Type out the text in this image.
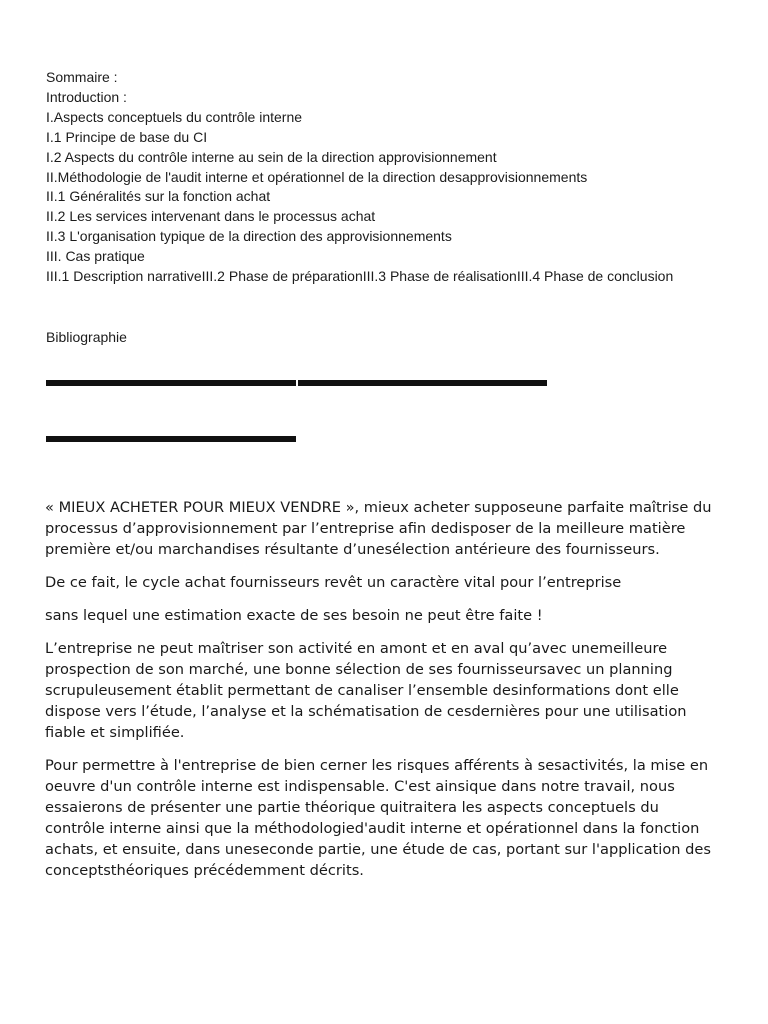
Sommaire :
Introduction :
I.Aspects conceptuels du contrôle interne
I.1 Principe de base du CI
I.2 Aspects du contrôle interne au sein de la direction approvisionnement
II.Méthodologie de l'audit interne et opérationnel de la direction desapprovisionnements
II.1 Généralités sur la fonction achat
II.2 Les services intervenant dans le processus achat
II.3 L'organisation typique de la direction des approvisionnements
III. Cas pratique
III.1 Description narrativeIII.2 Phase de préparationIII.3 Phase de réalisationIII.4 Phase de conclusion
Bibliographie

« MIEUX ACHETER POUR MIEUX VENDRE », mieux acheter supposeune parfaite maîtrise du processus d’approvisionnement par l’entreprise afin dedisposer de la meilleure matière première et/ou marchandises résultante d’unesélection antérieure des fournisseurs.

De ce fait, le cycle achat fournisseurs revêt un caractère vital pour l’entreprise

sans lequel une estimation exacte de ses besoin ne peut être faite !

L’entreprise ne peut maîtriser son activité en amont et en aval qu’avec unemeilleure prospection de son marché, une bonne sélection de ses fournisseursavec un planning scrupuleusement établit permettant de canaliser l’ensemble desinformations dont elle dispose vers l’étude, l’analyse et la schématisation de cesdernières pour une utilisation fiable et simplifiée.

Pour permettre à l'entreprise de bien cerner les risques afférents à sesactivités, la mise en oeuvre d'un contrôle interne est indispensable. C'est ainsique dans notre travail, nous essaierons de présenter une partie théorique quitraitera les aspects conceptuels du contrôle interne ainsi que la méthodologied'audit interne et opérationnel dans la fonction achats, et ensuite, dans uneseconde partie, une étude de cas, portant sur l'application des conceptsthéoriques précédemment décrits.
